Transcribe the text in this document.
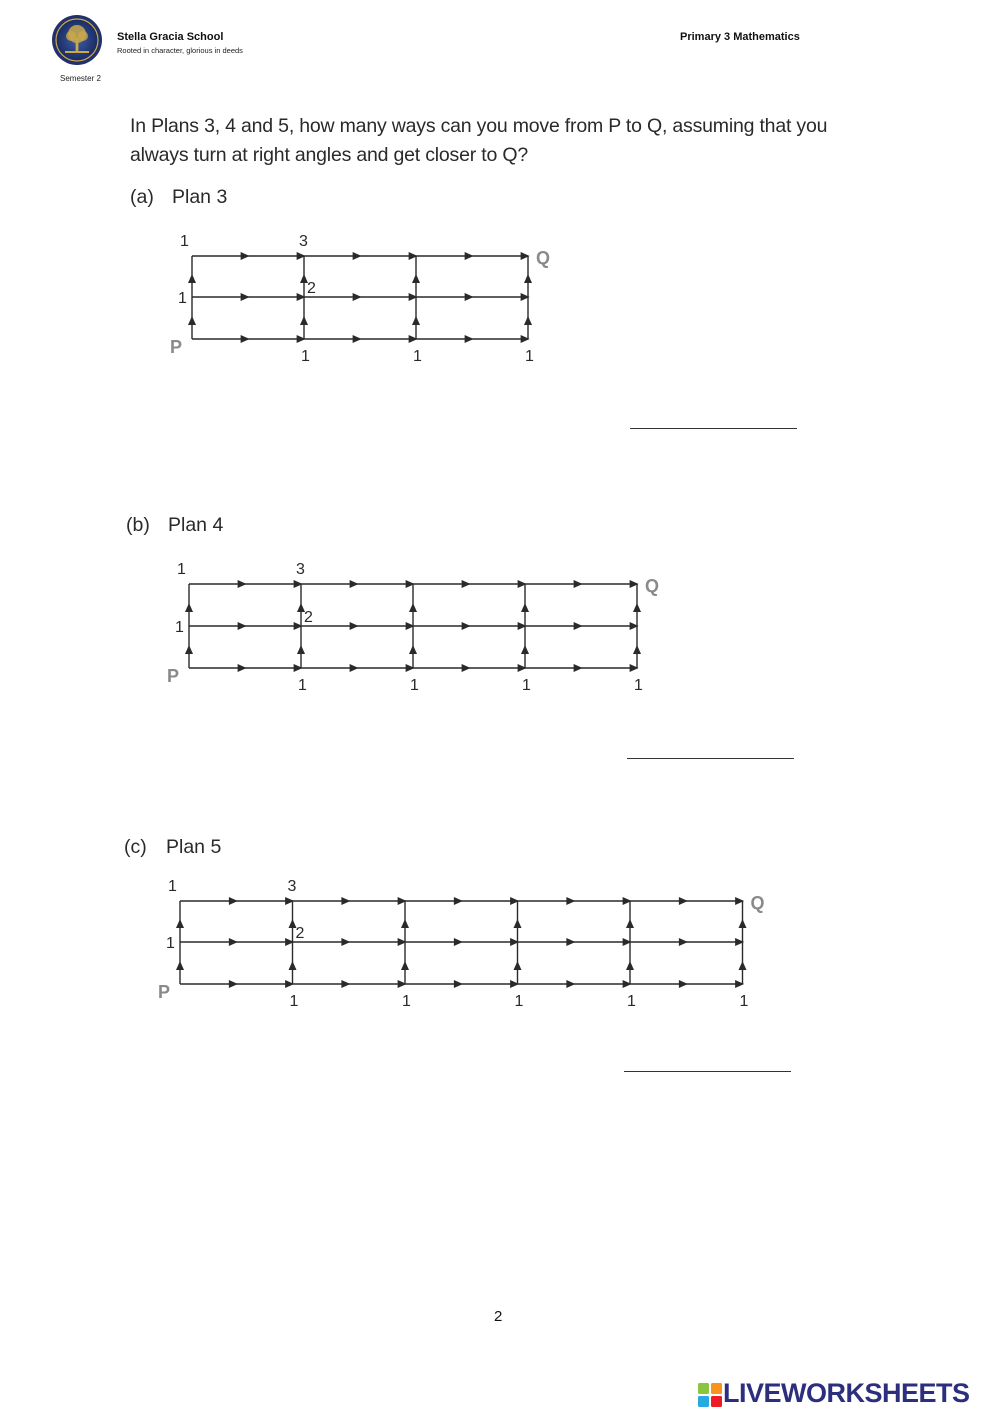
Stella Gracia School
Rooted in character, glorious in deeds
Semester 2
Primary 3 Mathematics
In Plans 3, 4 and 5, how many ways can you move from P to Q, assuming that you always turn at right angles and get closer to Q?
(a) Plan 3
(b) Plan 4
(c) Plan 5
P
Q
1
1
3
2
1	1	1
P
Q
1
1
3
2
1	1	1	1
P
Q
1
1
3
2
1	1	1	1	1
2
LIVEWORKSHEETS
